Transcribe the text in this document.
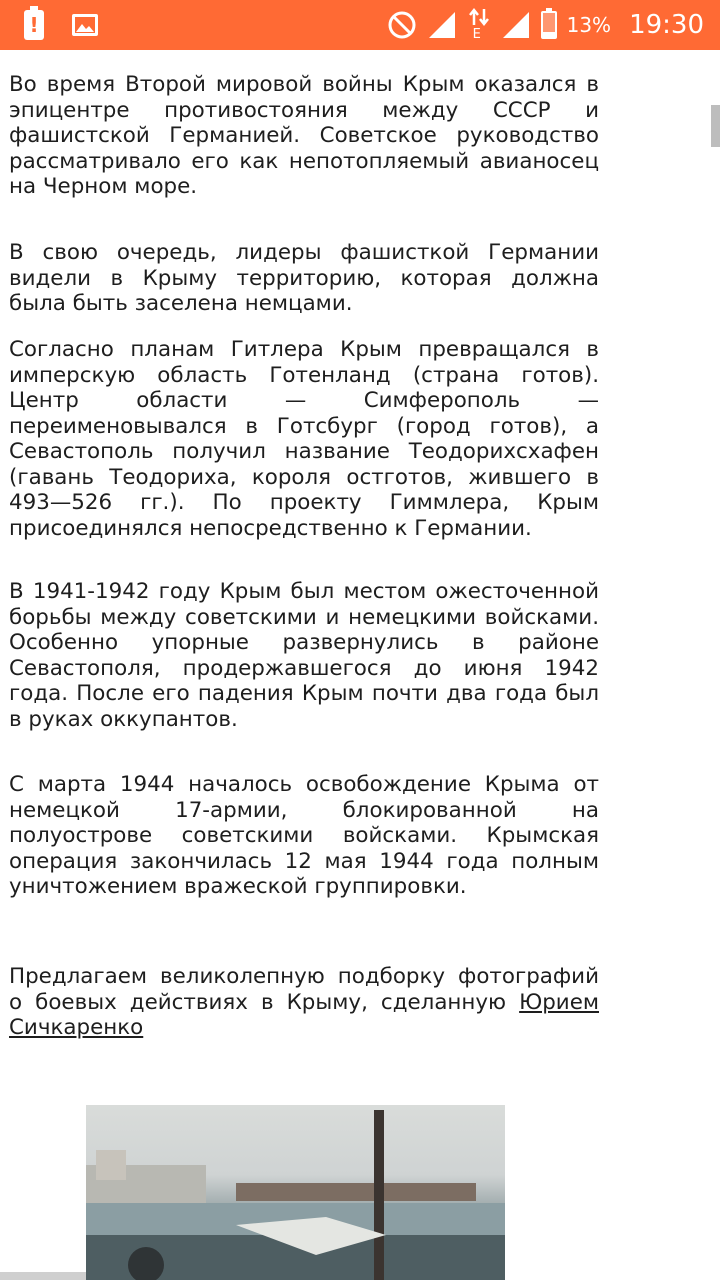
!	E	13% 19:30

Во время Второй мировой войны Крым оказался в эпицентре противостояния между СССР и фашистской Германией. Советское руководство рассматривало его как непотопляемый авианосец на Черном море.

В свою очередь, лидеры фашисткой Германии видели в Крыму территорию, которая должна была быть заселена немцами.

Согласно планам Гитлера Крым превращался в имперскую область Готенланд (страна готов). Центр области — Симферополь — переименовывался в Готсбург (город готов), а Севастополь получил название Теодорихсхафен (гавань Теодориха, короля остготов, жившего в 493—526 гг.). По проекту Гиммлера, Крым присоединялся непосредственно к Германии.

В 1941-1942 году Крым был местом ожесточенной борьбы между советскими и немецкими войсками. Особенно упорные развернулись в районе Севастополя, продержавшегося до июня 1942 года. После его падения Крым почти два года был в руках оккупантов.

С марта 1944 началось освобождение Крыма от немецкой 17-армии, блокированной на полуострове советскими войсками. Крымская операция закончилась 12 мая 1944 года полным уничтожением вражеской группировки.

Предлагаем великолепную подборку фотографий о боевых действиях в Крыму, сделанную Юрием Сичкаренко
